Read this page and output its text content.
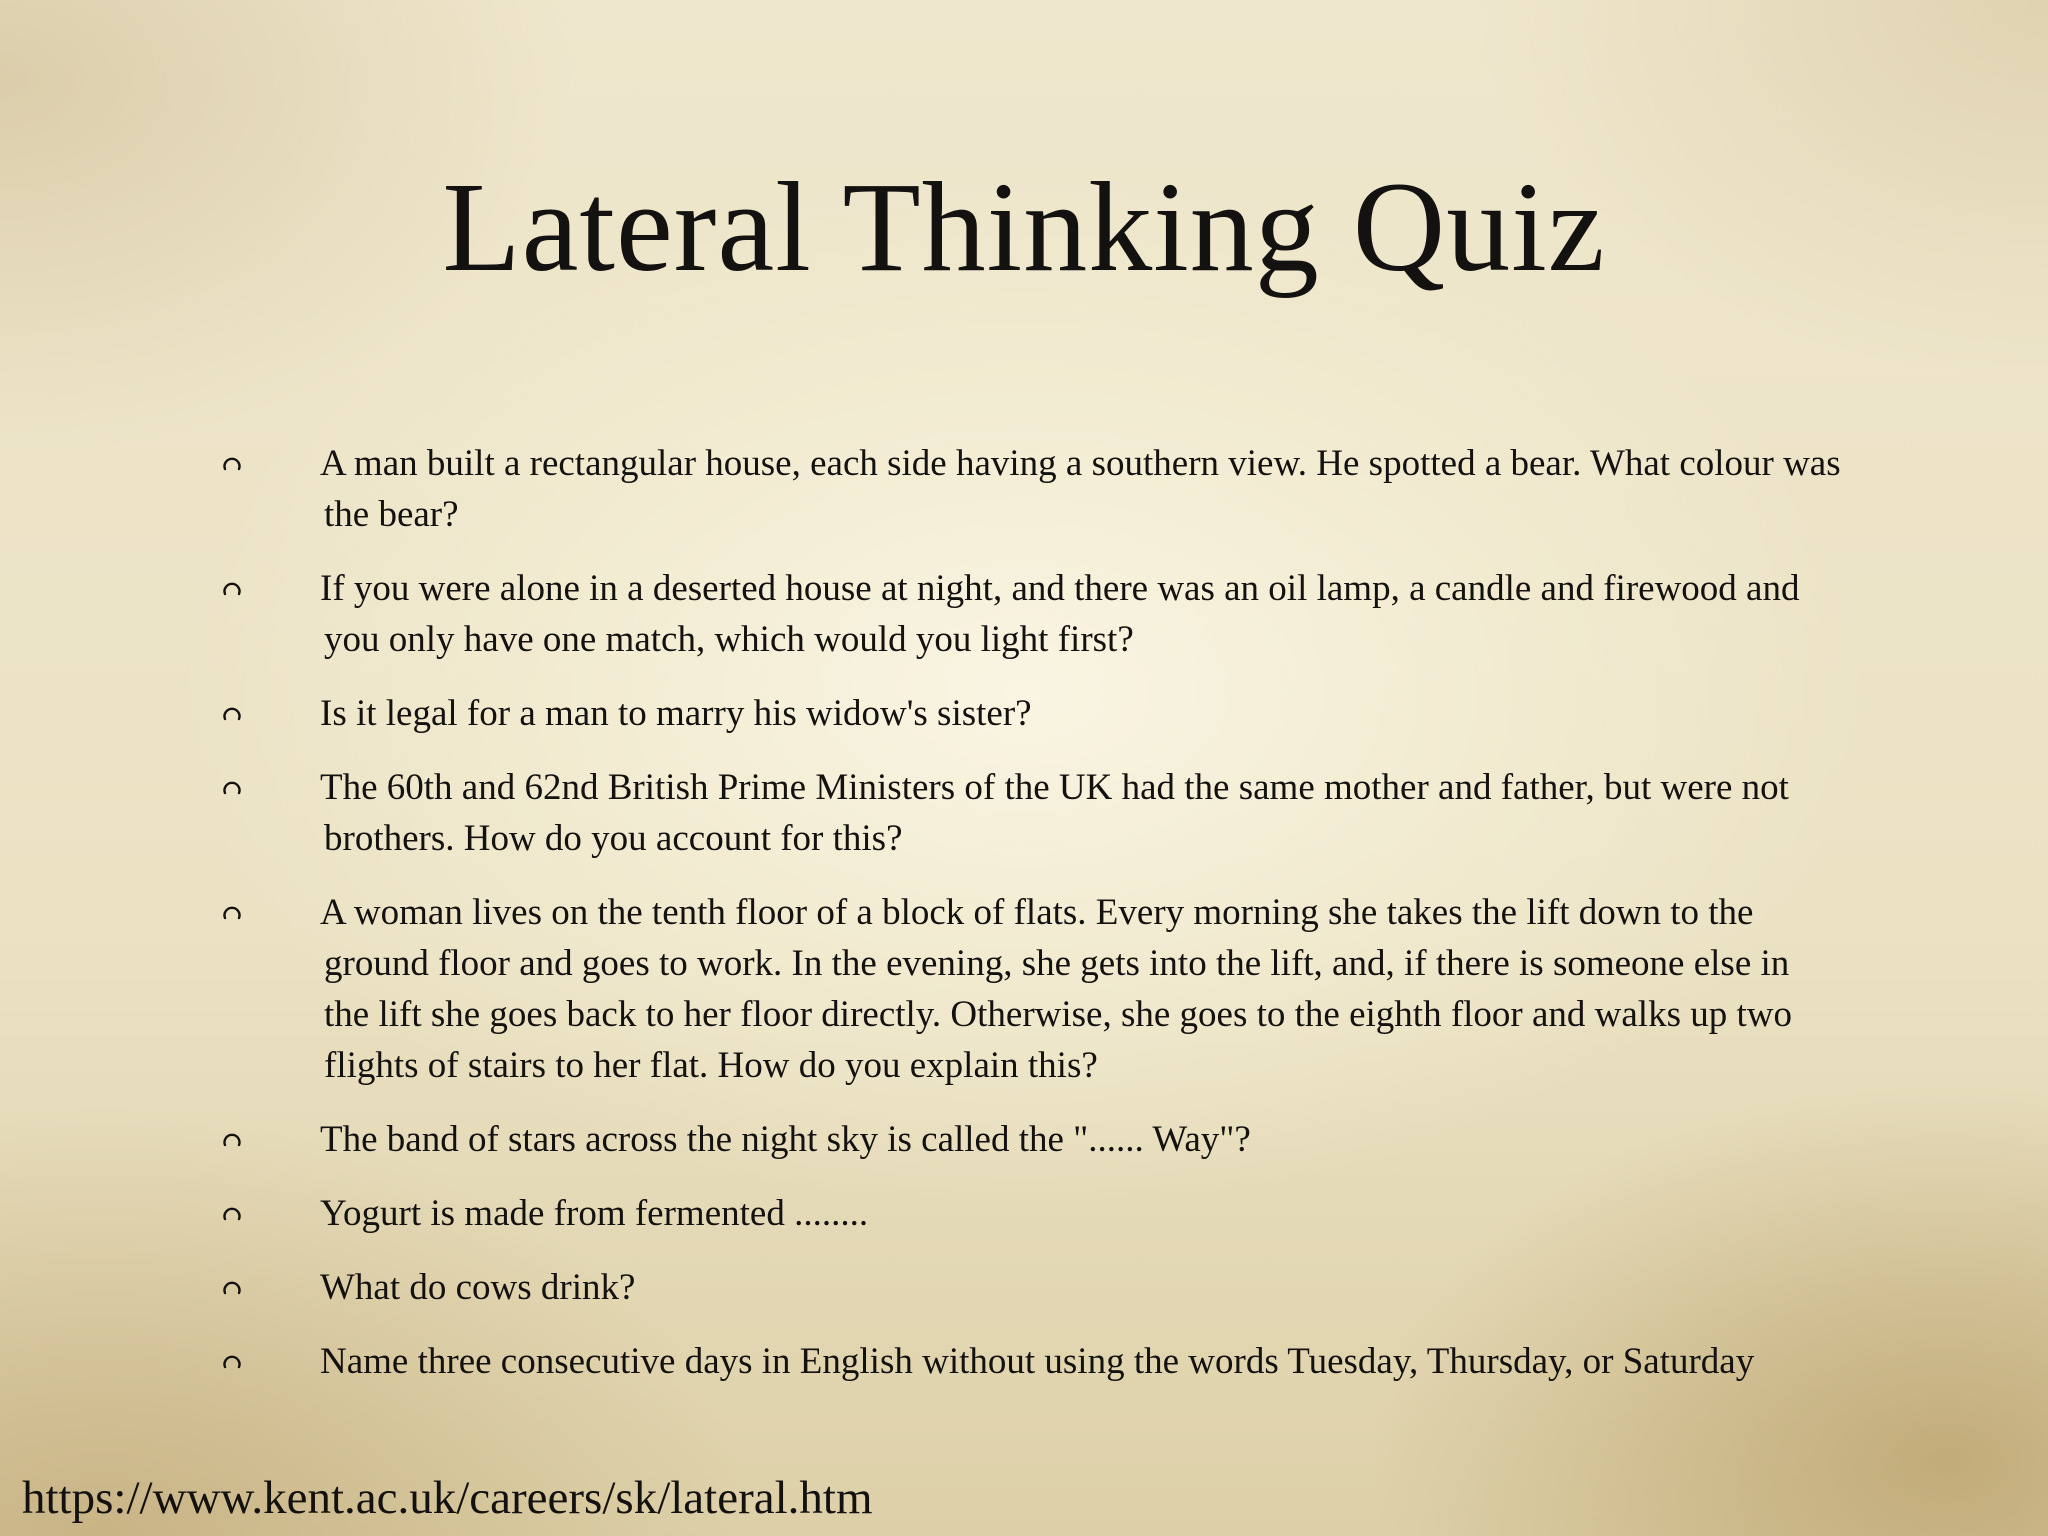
Lateral Thinking Quiz
A man built a rectangular house, each side having a southern view. He spotted a bear. What colour was the bear?
If you were alone in a deserted house at night, and there was an oil lamp, a candle and firewood and you only have one match, which would you light first?
Is it legal for a man to marry his widow's sister?
The 60th and 62nd British Prime Ministers of the UK had the same mother and father, but were not brothers. How do you account for this?
A woman lives on the tenth floor of a block of flats. Every morning she takes the lift down to the ground floor and goes to work. In the evening, she gets into the lift, and, if there is someone else in the lift she goes back to her floor directly. Otherwise, she goes to the eighth floor and walks up two flights of stairs to her flat. How do you explain this?
The band of stars across the night sky is called the "...... Way"?
Yogurt is made from fermented ........
What do cows drink?
Name three consecutive days in English without using the words Tuesday, Thursday, or Saturday
https://www.kent.ac.uk/careers/sk/lateral.htm
